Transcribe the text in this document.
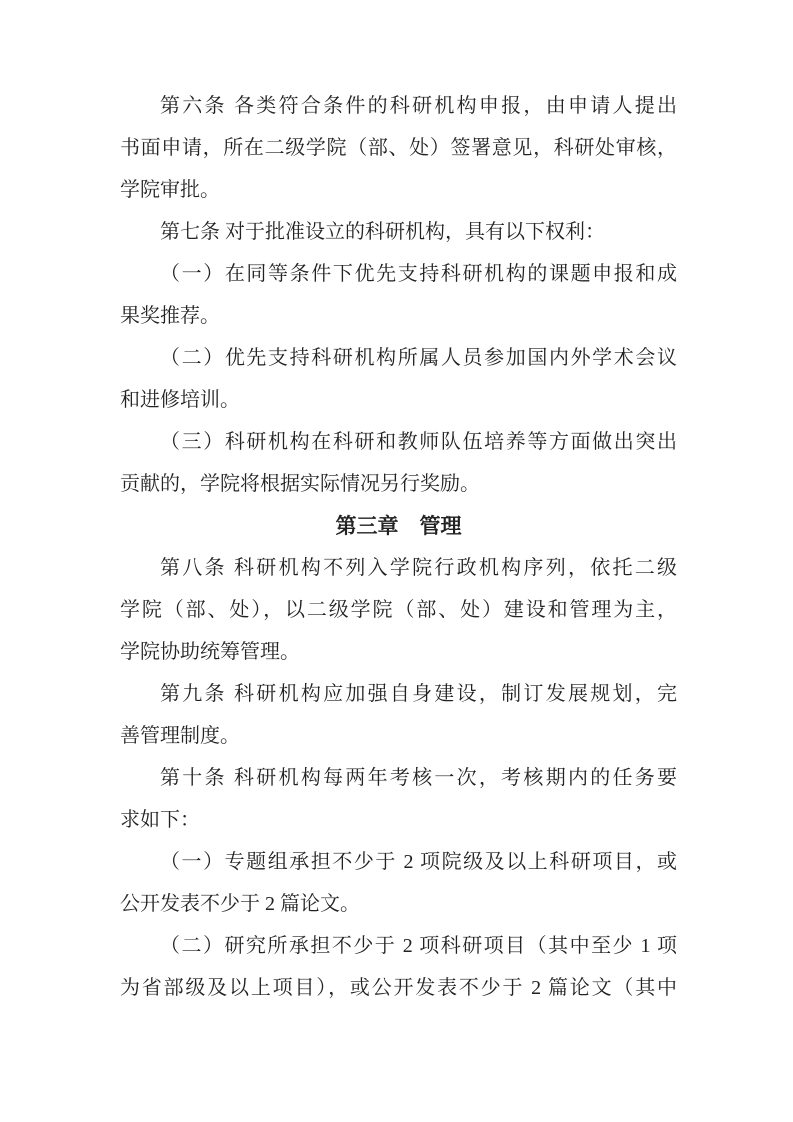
第六条 各类符合条件的科研机构申报，由申请人提出
书面申请，所在二级学院（部、处）签署意见，科研处审核，
学院审批。
第七条 对于批准设立的科研机构，具有以下权利：
（一）在同等条件下优先支持科研机构的课题申报和成
果奖推荐。
（二）优先支持科研机构所属人员参加国内外学术会议
和进修培训。
（三）科研机构在科研和教师队伍培养等方面做出突出
贡献的，学院将根据实际情况另行奖励。
第三章　管理
第八条 科研机构不列入学院行政机构序列，依托二级
学院（部、处），以二级学院（部、处）建设和管理为主，
学院协助统筹管理。
第九条 科研机构应加强自身建设，制订发展规划，完
善管理制度。
第十条 科研机构每两年考核一次，考核期内的任务要
求如下：
（一）专题组承担不少于 2 项院级及以上科研项目，或
公开发表不少于 2 篇论文。
（二）研究所承担不少于 2 项科研项目（其中至少 1 项
为省部级及以上项目），或公开发表不少于 2 篇论文（其中
